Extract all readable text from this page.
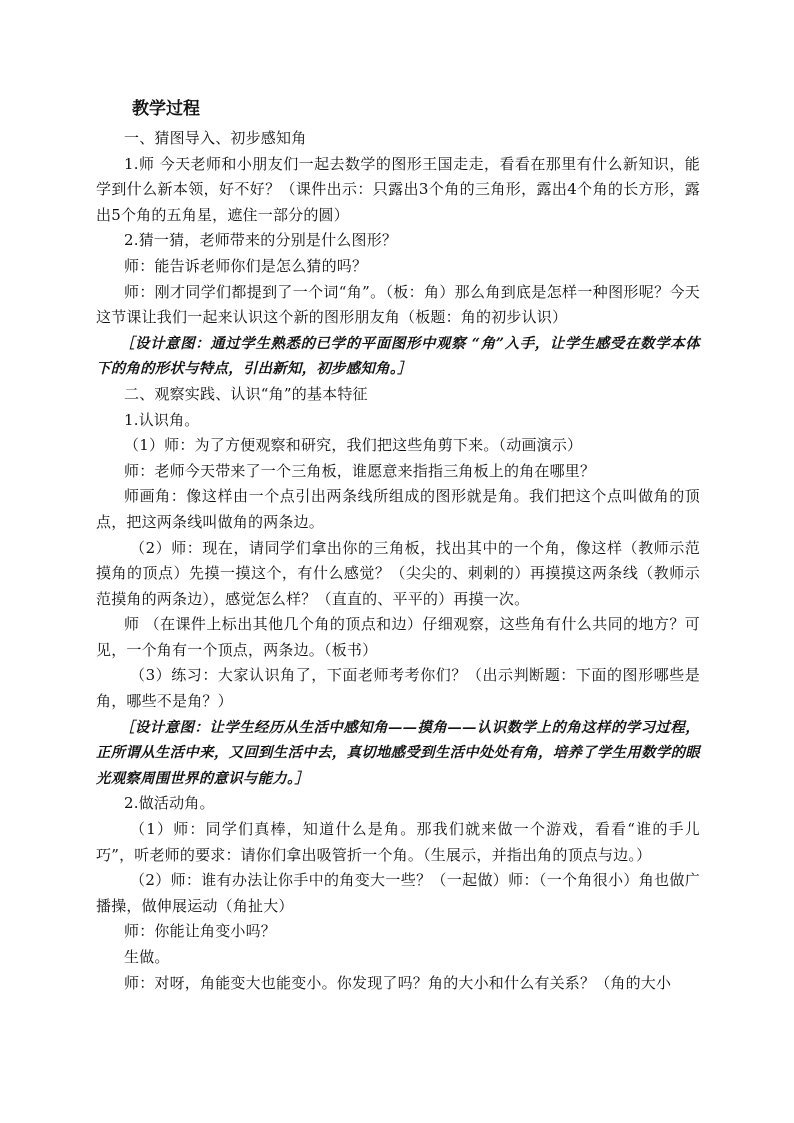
教学过程

一、猜图导入、初步感知角

1.师 今天老师和小朋友们一起去数学的图形王国走走，看看在那里有什么新知识，能学到什么新本领，好不好？（课件出示：只露出3个角的三角形，露出4个角的长方形，露出5个角的五角星，遮住一部分的圆）

2.猜一猜，老师带来的分别是什么图形？

师：能告诉老师你们是怎么猜的吗？

师：刚才同学们都提到了一个词“角”。（板：角）那么角到底是怎样一种图形呢？今天这节课让我们一起来认识这个新的图形朋友角（板题：角的初步认识）

［设计意图：通过学生熟悉的已学的平面图形中观察 “角”入手，让学生感受在数学本体下的角的形状与特点，引出新知，初步感知角。］

二、观察实践、认识“角”的基本特征

1.认识角。

（1）师：为了方便观察和研究，我们把这些角剪下来。（动画演示）

师：老师今天带来了一个三角板，谁愿意来指指三角板上的角在哪里？

师画角：像这样由一个点引出两条线所组成的图形就是角。我们把这个点叫做角的顶点，把这两条线叫做角的两条边。

（2）师：现在，请同学们拿出你的三角板，找出其中的一个角，像这样（教师示范摸角的顶点）先摸一摸这个，有什么感觉？（尖尖的、刺刺的）再摸摸这两条线（教师示范摸角的两条边），感觉怎么样？（直直的、平平的）再摸一次。

师 （在课件上标出其他几个角的顶点和边）仔细观察，这些角有什么共同的地方？可见，一个角有一个顶点，两条边。（板书）

（3）练习：大家认识角了，下面老师考考你们？（出示判断题：下面的图形哪些是角，哪些不是角？）

［设计意图：让学生经历从生活中感知角——摸角——认识数学上的角这样的学习过程，正所谓从生活中来，又回到生活中去，真切地感受到生活中处处有角，培养了学生用数学的眼光观察周围世界的意识与能力。］

2.做活动角。

（1）师：同学们真棒，知道什么是角。那我们就来做一个游戏，看看“谁的手儿巧”，听老师的要求：请你们拿出吸管折一个角。（生展示，并指出角的顶点与边。）

（2）师：谁有办法让你手中的角变大一些？（一起做）师：（一个角很小）角也做广播操，做伸展运动（角扯大）

师：你能让角变小吗？

生做。

师：对呀，角能变大也能变小。你发现了吗？角的大小和什么有关系？（角的大小
